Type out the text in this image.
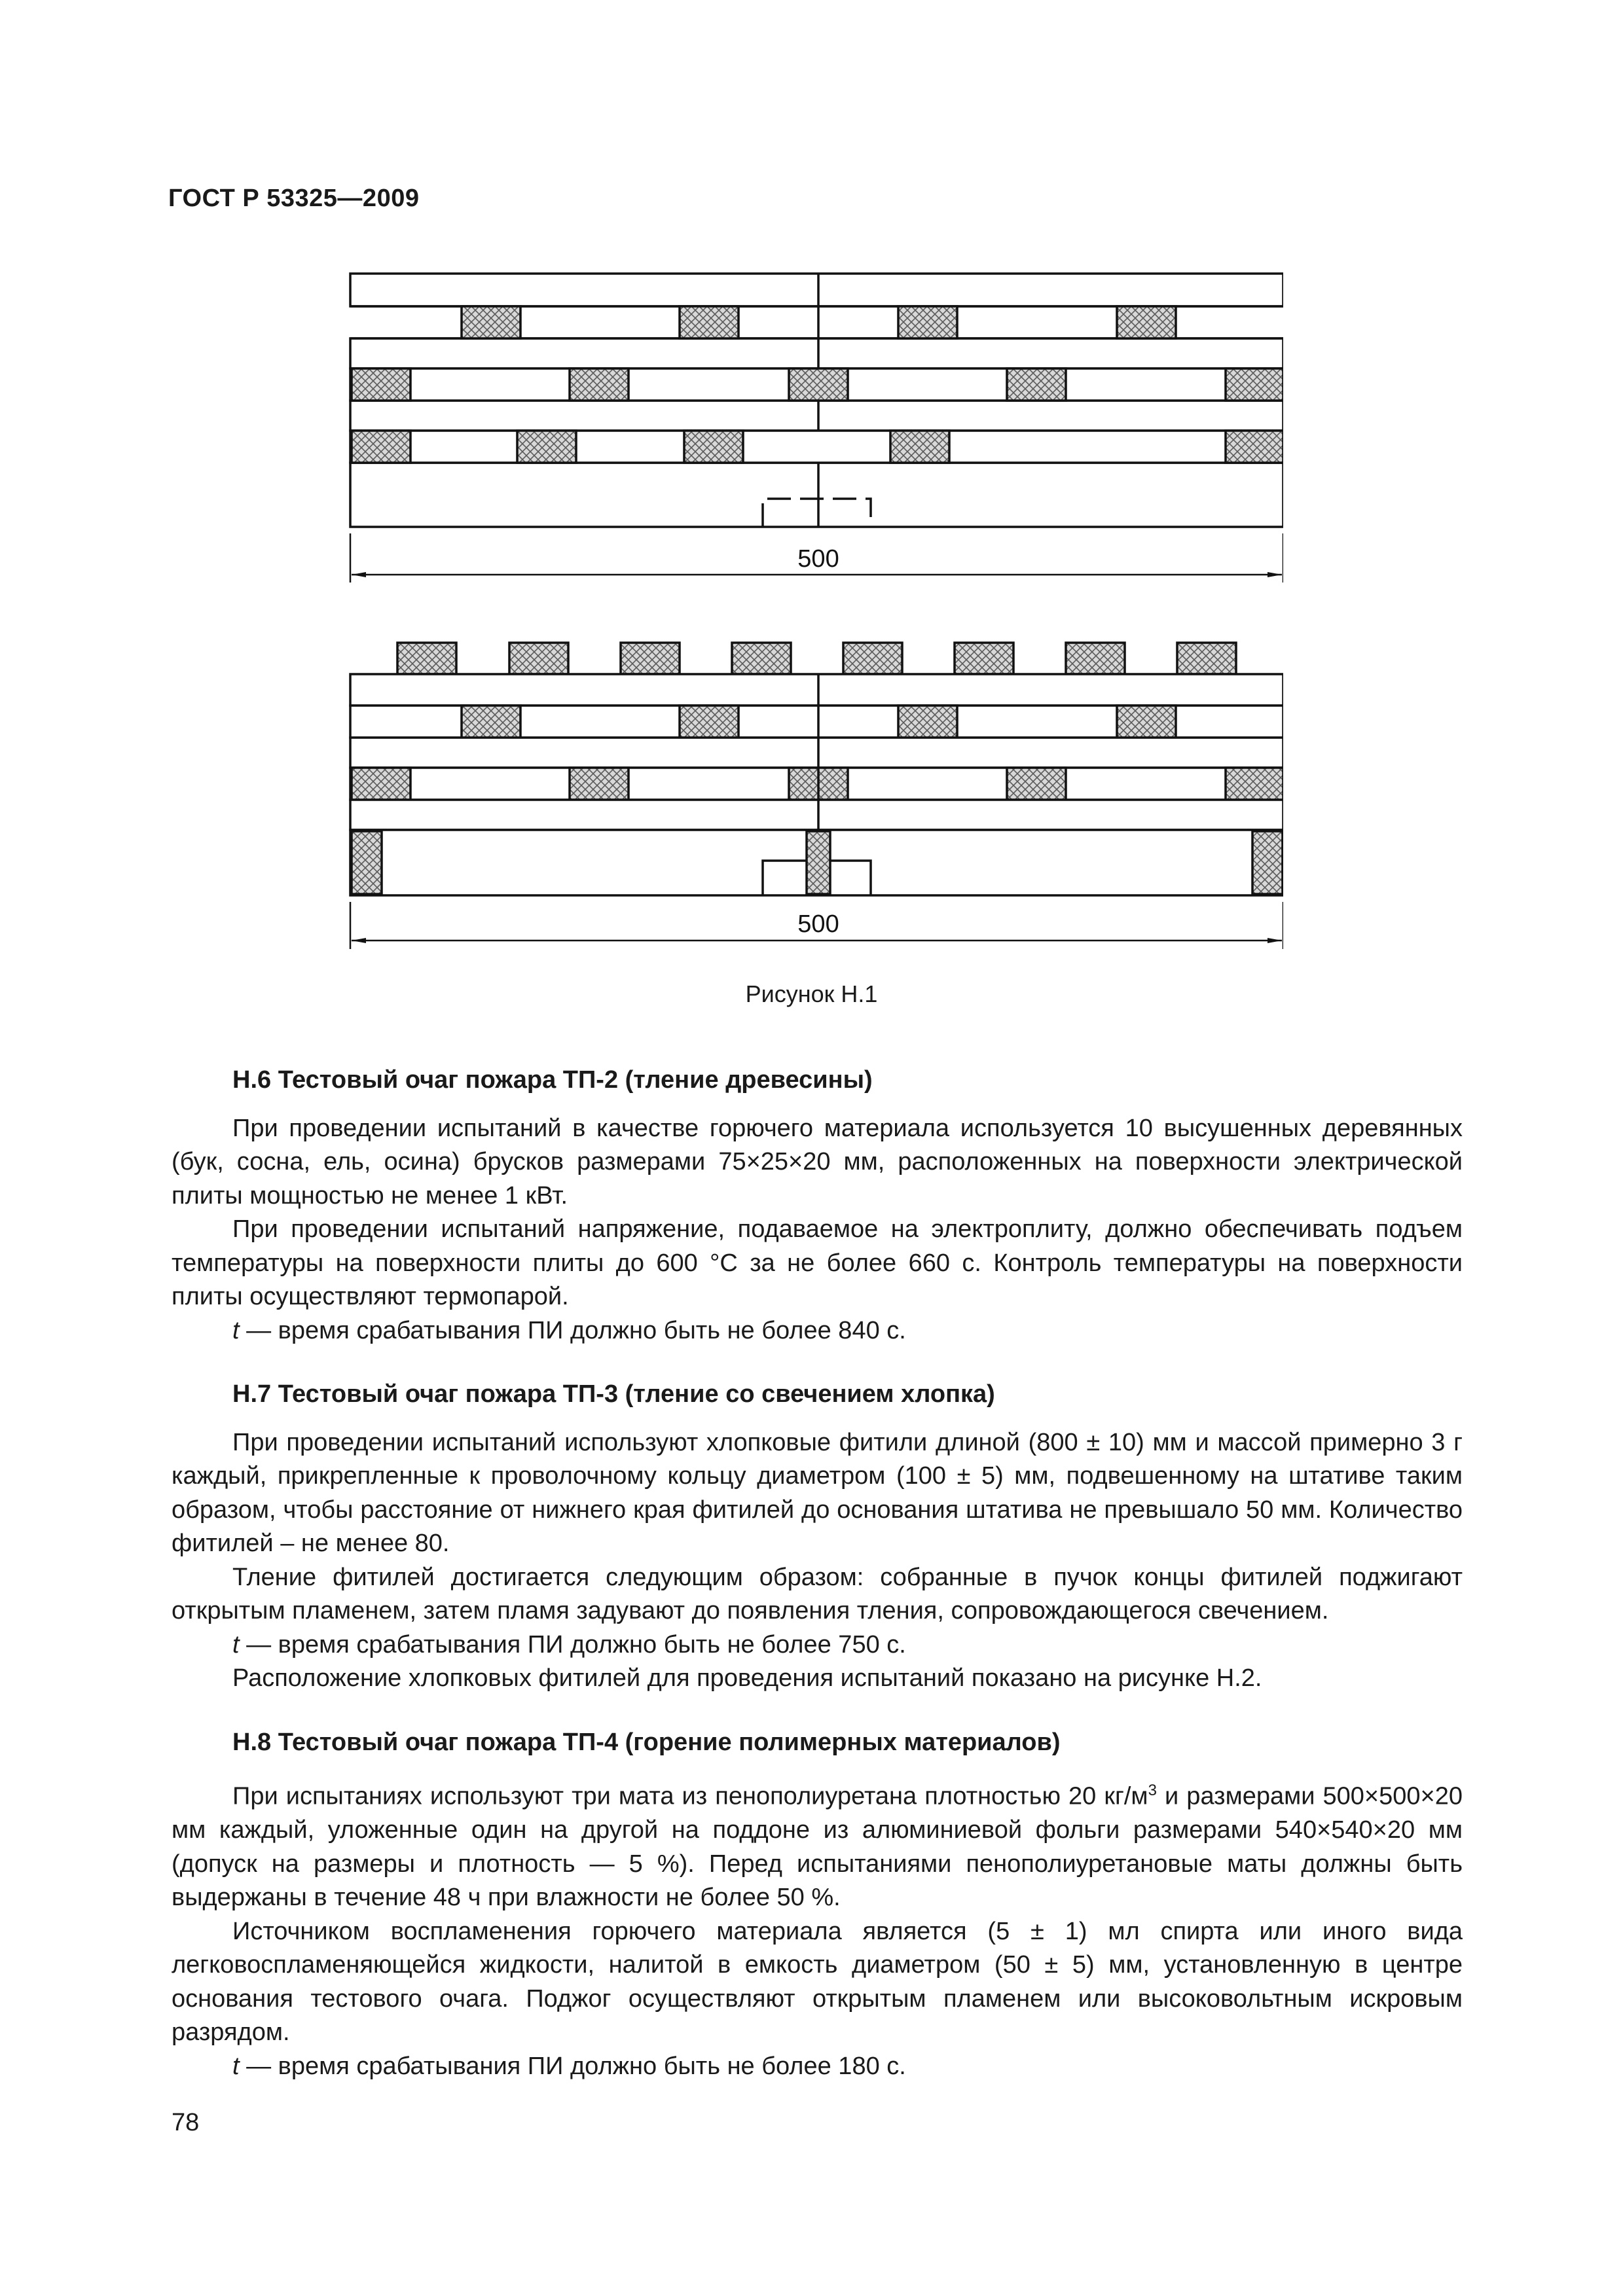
ГОСТ Р 53325—2009
500
500
Рисунок Н.1

Н.6 Тестовый очаг пожара ТП-2 (тление древесины)

При проведении испытаний в качестве горючего материала используется 10 высушенных деревянных (бук, сосна, ель, осина) брусков размерами 75×25×20 мм, расположенных на поверхности электрической плиты мощностью не менее 1 кВт.

При проведении испытаний напряжение, подаваемое на электроплиту, должно обеспечивать подъем температуры на поверхности плиты до 600 °С за не более 660 с. Контроль температуры на поверхности плиты осуществляют термопарой.

t — время срабатывания ПИ должно быть не более 840 с.

Н.7 Тестовый очаг пожара ТП-3 (тление со свечением хлопка)

При проведении испытаний используют хлопковые фитили длиной (800 ± 10) мм и массой примерно 3 г каждый, прикрепленные к проволочному кольцу диаметром (100 ± 5) мм, подвешенному на штативе таким образом, чтобы расстояние от нижнего края фитилей до основания штатива не превышало 50 мм. Количество фитилей – не менее 80.

Тление фитилей достигается следующим образом: собранные в пучок концы фитилей поджигают открытым пламенем, затем пламя задувают до появления тления, сопровождающегося свечением.

t — время срабатывания ПИ должно быть не более 750 с.

Расположение хлопковых фитилей для проведения испытаний показано на рисунке Н.2.

Н.8 Тестовый очаг пожара ТП-4 (горение полимерных материалов)

При испытаниях используют три мата из пенополиуретана плотностью 20 $кг/м^3$ и размерами 500×500×20 мм каждый, уложенные один на другой на поддоне из алюминиевой фольги размерами 540×540×20 мм (допуск на размеры и плотность — 5 %). Перед испытаниями пенополиуретановые маты должны быть выдержаны в течение 48 ч при влажности не более 50 %.

Источником воспламенения горючего материала является (5 ± 1) мл спирта или иного вида легковоспламеняющейся жидкости, налитой в емкость диаметром (50 ± 5) мм, установленную в центре основания тестового очага. Поджог осуществляют открытым пламенем или высоковольтным искровым разрядом.

t — время срабатывания ПИ должно быть не более 180 с.

78
